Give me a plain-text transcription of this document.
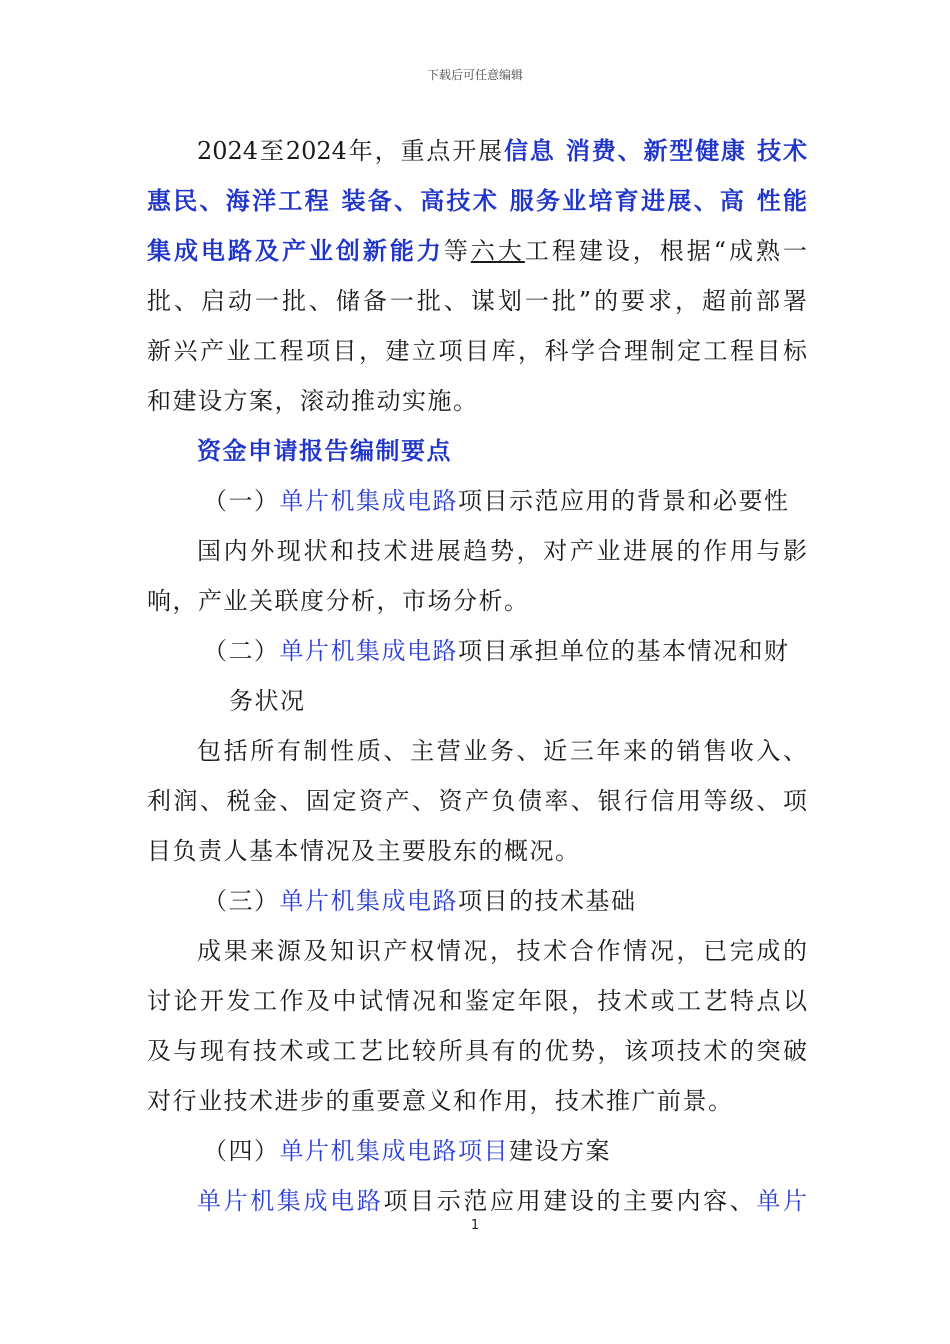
下载后可任意编辑
2024至2024年，重点开展信息 消费、新型健康 技术
惠民、海洋工程 装备、高技术 服务业培育进展、高 性能
集成电路及产业创新能力等六大工程建设，根据“成熟一
批、启动一批、储备一批、谋划一批”的要求，超前部署
新兴产业工程项目，建立项目库，科学合理制定工程目标
和建设方案，滚动推动实施。
资金申请报告编制要点
（一）单片机集成电路项目示范应用的背景和必要性
国内外现状和技术进展趋势，对产业进展的作用与影
响，产业关联度分析，市场分析。
（二）单片机集成电路项目承担单位的基本情况和财
务状况
包括所有制性质、主营业务、近三年来的销售收入、
利润、税金、固定资产、资产负债率、银行信用等级、项
目负责人基本情况及主要股东的概况。
（三）单片机集成电路项目的技术基础
成果来源及知识产权情况，技术合作情况，已完成的
讨论开发工作及中试情况和鉴定年限，技术或工艺特点以
及与现有技术或工艺比较所具有的优势，该项技术的突破
对行业技术进步的重要意义和作用，技术推广前景。
（四）单片机集成电路项目建设方案
单片机集成电路项目示范应用建设的主要内容、单片
1
